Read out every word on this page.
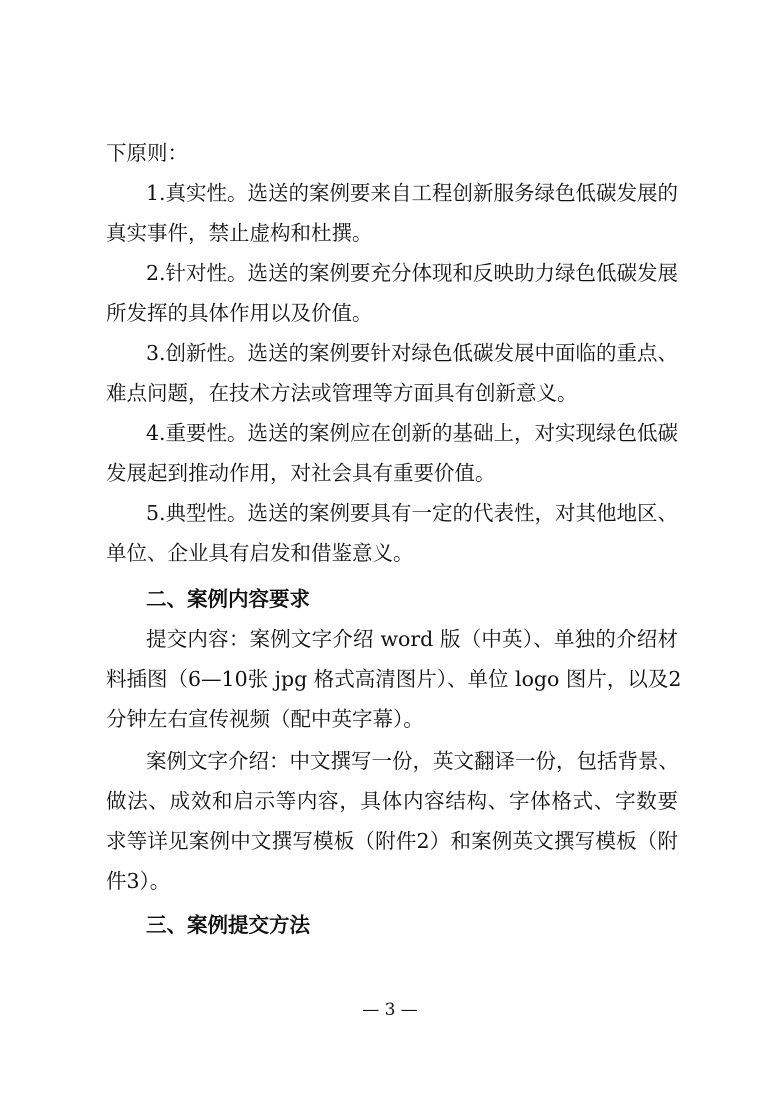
下原则：

1.真实性。选送的案例要来自工程创新服务绿色低碳发展的

真实事件，禁止虚构和杜撰。

2.针对性。选送的案例要充分体现和反映助力绿色低碳发展

所发挥的具体作用以及价值。

3.创新性。选送的案例要针对绿色低碳发展中面临的重点、

难点问题，在技术方法或管理等方面具有创新意义。

4.重要性。选送的案例应在创新的基础上，对实现绿色低碳

发展起到推动作用，对社会具有重要价值。

5.典型性。选送的案例要具有一定的代表性，对其他地区、

单位、企业具有启发和借鉴意义。

二、案例内容要求

提交内容：案例文字介绍 word 版（中英）、单独的介绍材

料插图（6—10张 jpg 格式高清图片）、单位 logo 图片，以及2

分钟左右宣传视频（配中英字幕）。

案例文字介绍：中文撰写一份，英文翻译一份，包括背景、

做法、成效和启示等内容，具体内容结构、字体格式、字数要

求等详见案例中文撰写模板（附件2）和案例英文撰写模板（附

件3）。

三、案例提交方法

— 3 —
